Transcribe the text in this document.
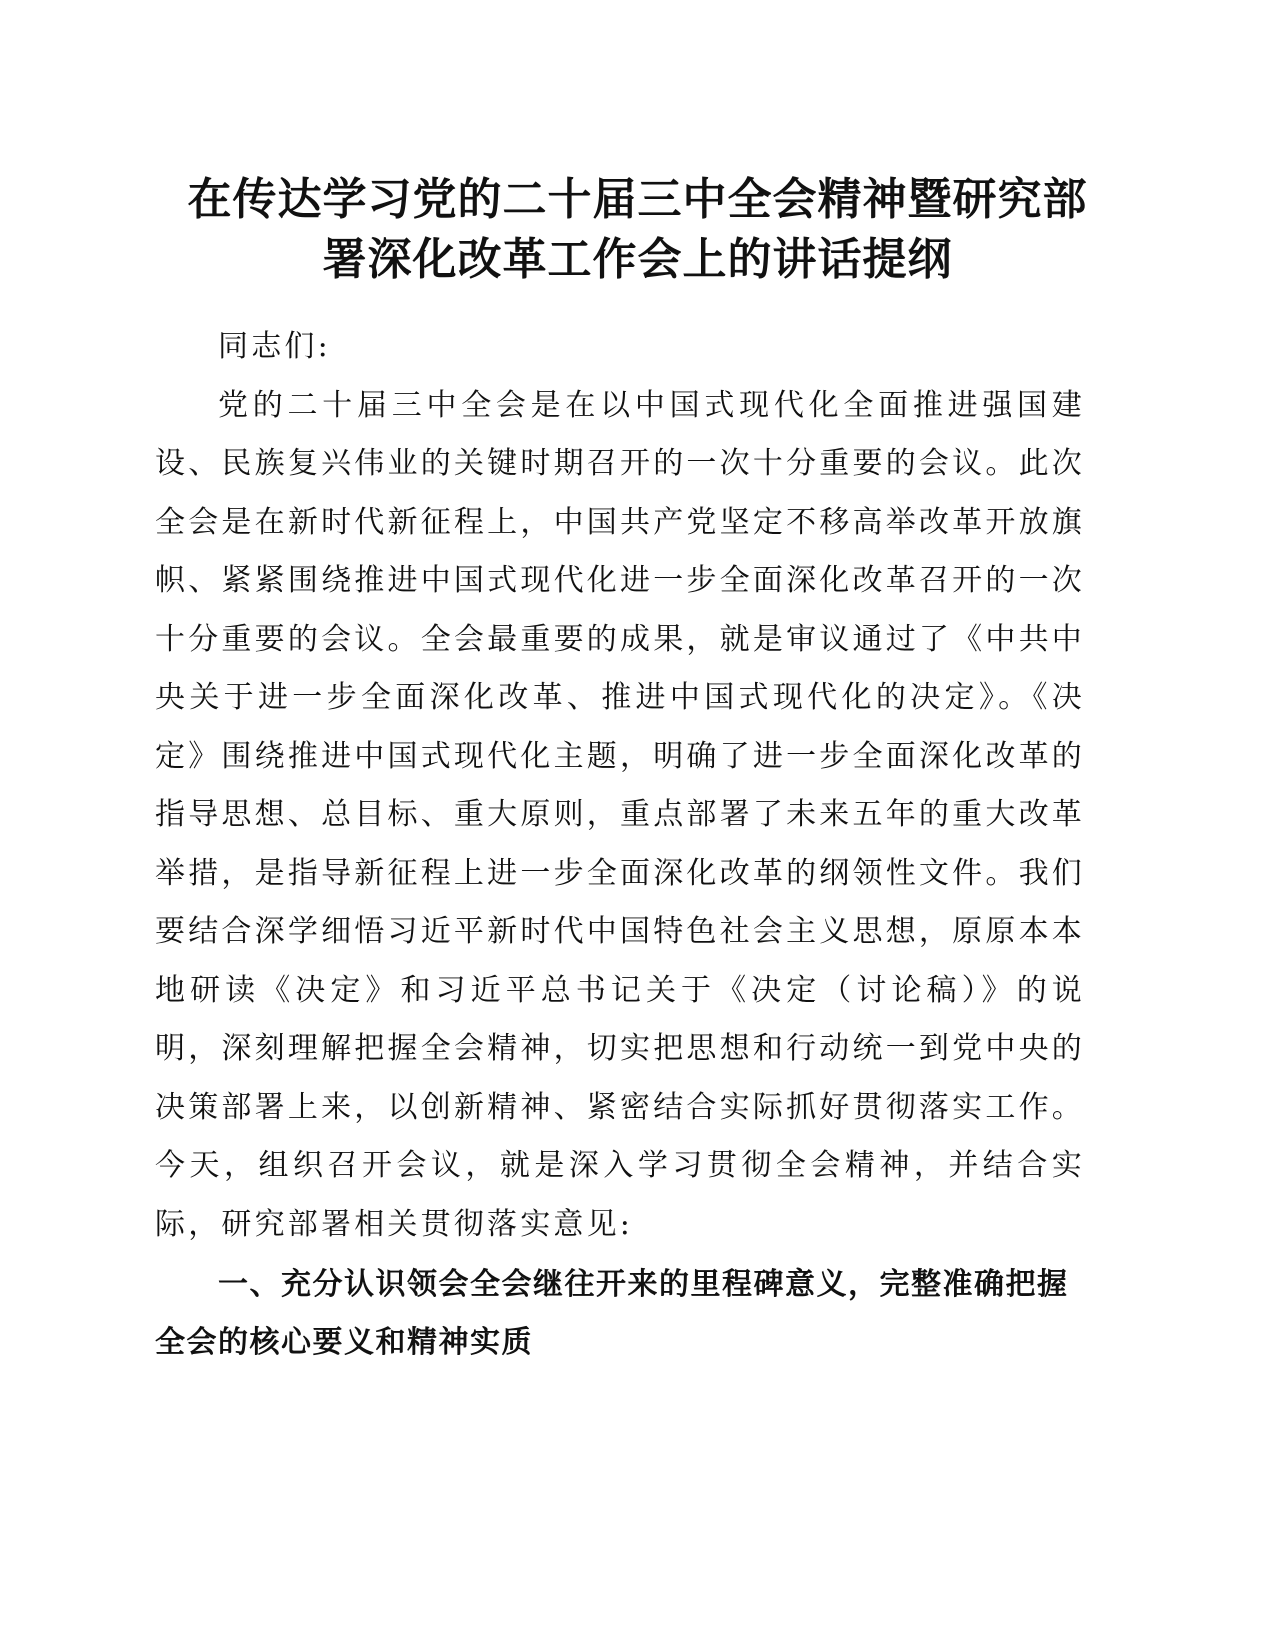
在传达学习党的二十届三中全会精神暨研究部
署深化改革工作会上的讲话提纲

同志们:

党的二十届三中全会是在以中国式现代化全面推进强国建设、民族复兴伟业的关键时期召开的一次十分重要的会议。此次全会是在新时代新征程上，中国共产党坚定不移高举改革开放旗帜、紧紧围绕推进中国式现代化进一步全面深化改革召开的一次十分重要的会议。全会最重要的成果，就是审议通过了《中共中央关于进一步全面深化改革、推进中国式现代化的决定》。《决定》围绕推进中国式现代化主题，明确了进一步全面深化改革的指导思想、总目标、重大原则，重点部署了未来五年的重大改革举措，是指导新征程上进一步全面深化改革的纲领性文件。我们要结合深学细悟习近平新时代中国特色社会主义思想，原原本本地研读《决定》和习近平总书记关于《决定（讨论稿）》的说明，深刻理解把握全会精神，切实把思想和行动统一到党中央的决策部署上来，以创新精神、紧密结合实际抓好贯彻落实工作。今天，组织召开会议，就是深入学习贯彻全会精神，并结合实际，研究部署相关贯彻落实意见:

一、充分认识领会全会继往开来的里程碑意义，完整准确把握全会的核心要义和精神实质
